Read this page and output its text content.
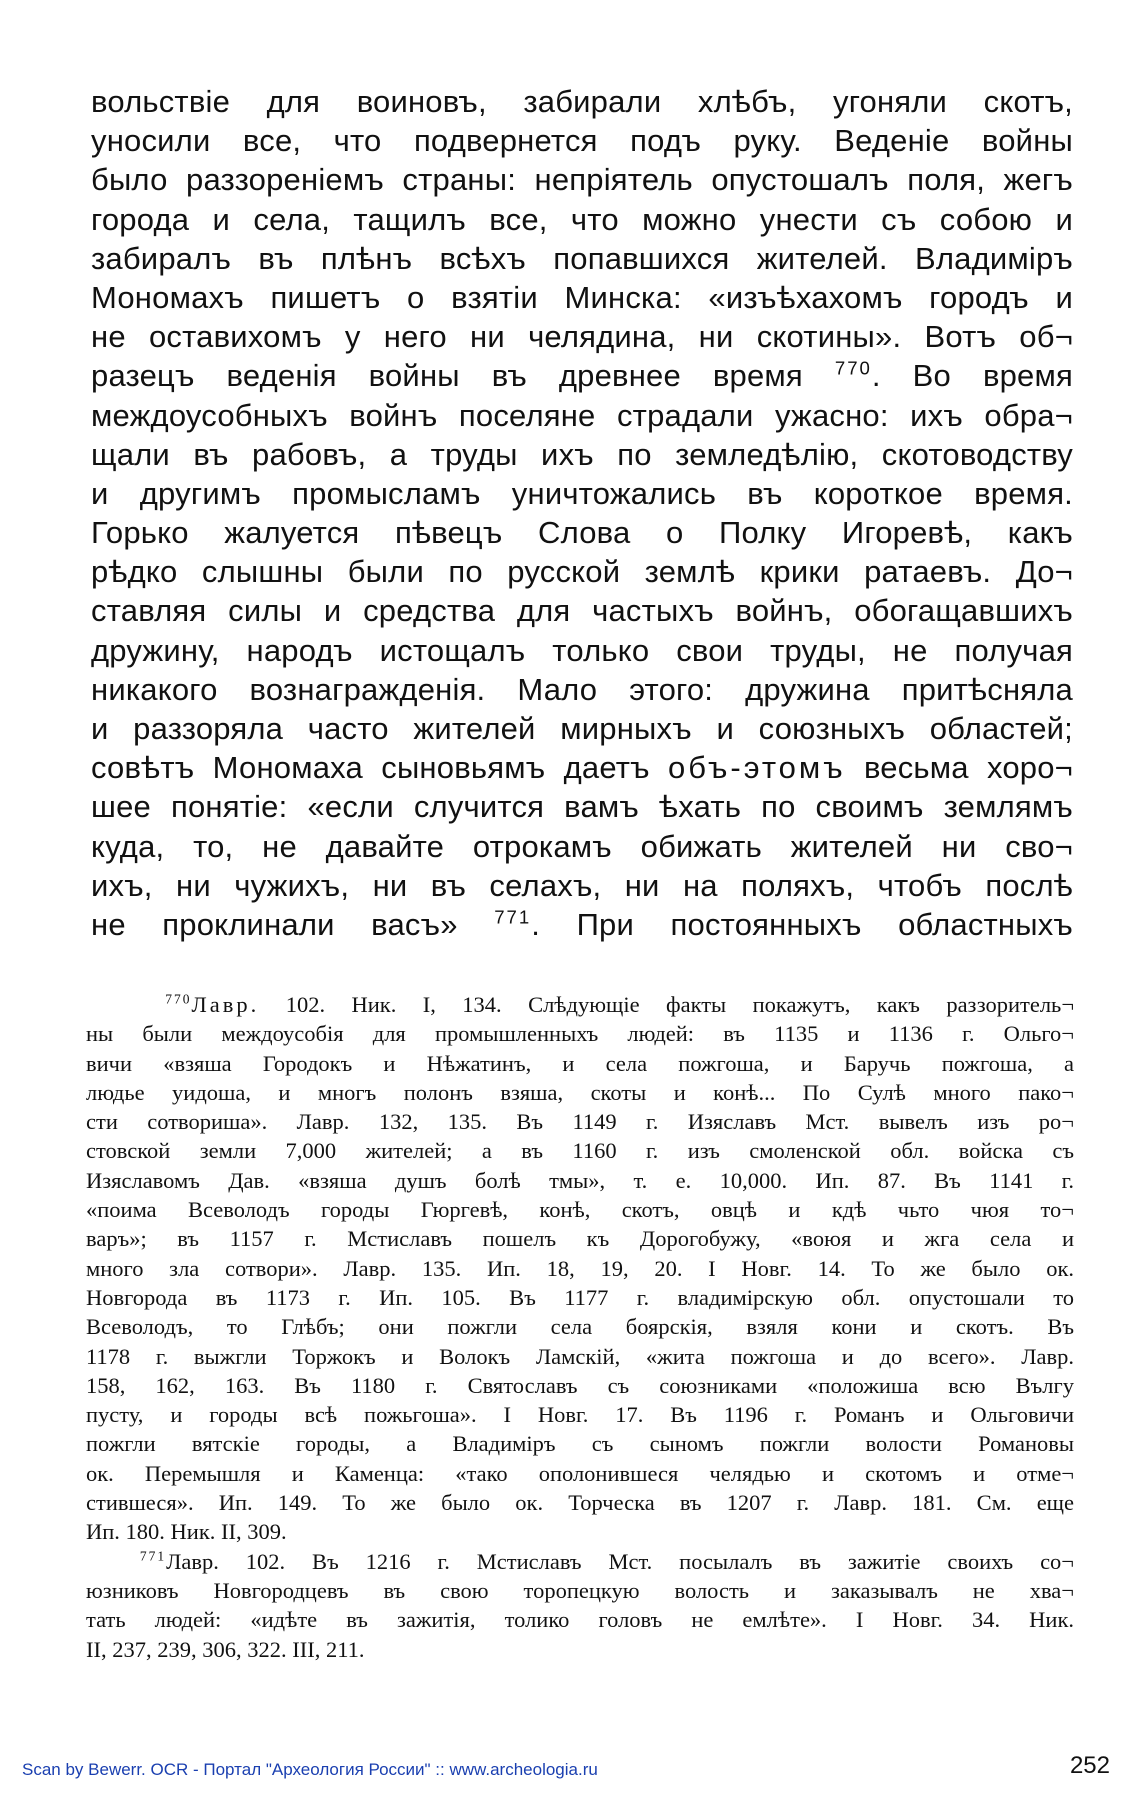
вольствіе для воиновъ, забирали хлѣбъ, угоняли скотъ,
уносили все, что подвернется подъ руку. Веденіе войны
было раззореніемъ страны: непріятель опустошалъ поля, жегъ
города и села, тащилъ все, что можно унести съ собою и
забиралъ въ плѣнъ всѣхъ попавшихся жителей. Владиміръ
Мономахъ пишетъ о взятіи Минска: «изъѣхахомъ городъ и
не оставихомъ у него ни челядина, ни скотины». Вотъ об¬
разецъ веденія войны въ древнее время $^{770}$. Во время
междоусобныхъ войнъ поселяне страдали ужасно: ихъ обра¬
щали въ рабовъ, а труды ихъ по земледѣлію, скотоводству
и другимъ промысламъ уничтожались въ короткое время.
Горько жалуется пѣвецъ Слова о Полку Игоревѣ, какъ
рѣдко слышны были по русской землѣ крики ратаевъ. До¬
ставляя силы и средства для частыхъ войнъ, обогащавшихъ
дружину, народъ истощалъ только свои труды, не получая
никакого вознагражденія. Мало этого: дружина притѣсняла
и раззоряла часто жителей мирныхъ и союзныхъ областей;
совѣтъ Мономаха сыновьямъ даетъ объ-этомъ весьма хоро¬
шее понятіе: «если случится вамъ ѣхать по своимъ землямъ
куда, то, не давайте отрокамъ обижать жителей ни сво¬
ихъ, ни чужихъ, ни въ селахъ, ни на поляхъ, чтобъ послѣ
не проклинали васъ» $^{771}$. При постоянныхъ областныхъ
$^{770}$Лавр. 102. Ник. I, 134. Слѣдующіе факты покажутъ, какъ раззоритель¬
ны были междоусобія для промышленныхъ людей: въ 1135 и 1136 г. Ольго¬
вичи «взяша Городокъ и Нѣжатинъ, и села пожгоша, и Баручь пожгоша, а
людье уидоша, и многъ полонъ взяша, скоты и конѣ... По Сулѣ много пако¬
сти сотвориша». Лавр. 132, 135. Въ 1149 г. Изяславъ Мст. вывелъ изъ ро¬
стовской земли 7,000 жителей; а въ 1160 г. изъ смоленской обл. войска съ
Изяславомъ Дав. «взяша душъ болѣ тмы», т. е. 10,000. Ип. 87. Въ 1141 г.
«поима Всеволодъ городы Гюргевѣ, конѣ, скотъ, овцѣ и кдѣ чьто чюя то¬
варъ»; въ 1157 г. Мстиславъ пошелъ къ Дорогобужу, «воюя и жга села и
много зла сотвори». Лавр. 135. Ип. 18, 19, 20. I Новг. 14. То же было ок.
Новгорода въ 1173 г. Ип. 105. Въ 1177 г. владимірскую обл. опустошали то
Всеволодъ, то Глѣбъ; они пожгли села боярскія, взяля кони и скотъ. Въ
1178 г. выжгли Торжокъ и Волокъ Ламскій, «жита пожгоша и до всего». Лавр.
158, 162, 163. Въ 1180 г. Святославъ съ союзниками «положиша всю Вългу
пусту, и городы всѣ пожьгоша». I Новг. 17. Въ 1196 г. Романъ и Ольговичи
пожгли вятскіе городы, а Владиміръ съ сыномъ пожгли волости Романовы
ок. Перемышля и Каменца: «тако ополонившеся челядью и скотомъ и отме¬
стившеся». Ип. 149. То же было ок. Торческа въ 1207 г. Лавр. 181. См. еще
Ип. 180. Ник. II, 309.
$^{771}$Лавр. 102. Въ 1216 г. Мстиславъ Мст. посылалъ въ зажитіе своихъ со¬
юзниковъ Новгородцевъ въ свою торопецкую волость и заказывалъ не хва¬
тать людей: «идѣте въ зажитія, толико головъ не емлѣте». I Новг. 34. Ник.
II, 237, 239, 306, 322. III, 211.
Scan by Bewerr. OCR - Портал "Археология России" :: www.archeologia.ru	252
